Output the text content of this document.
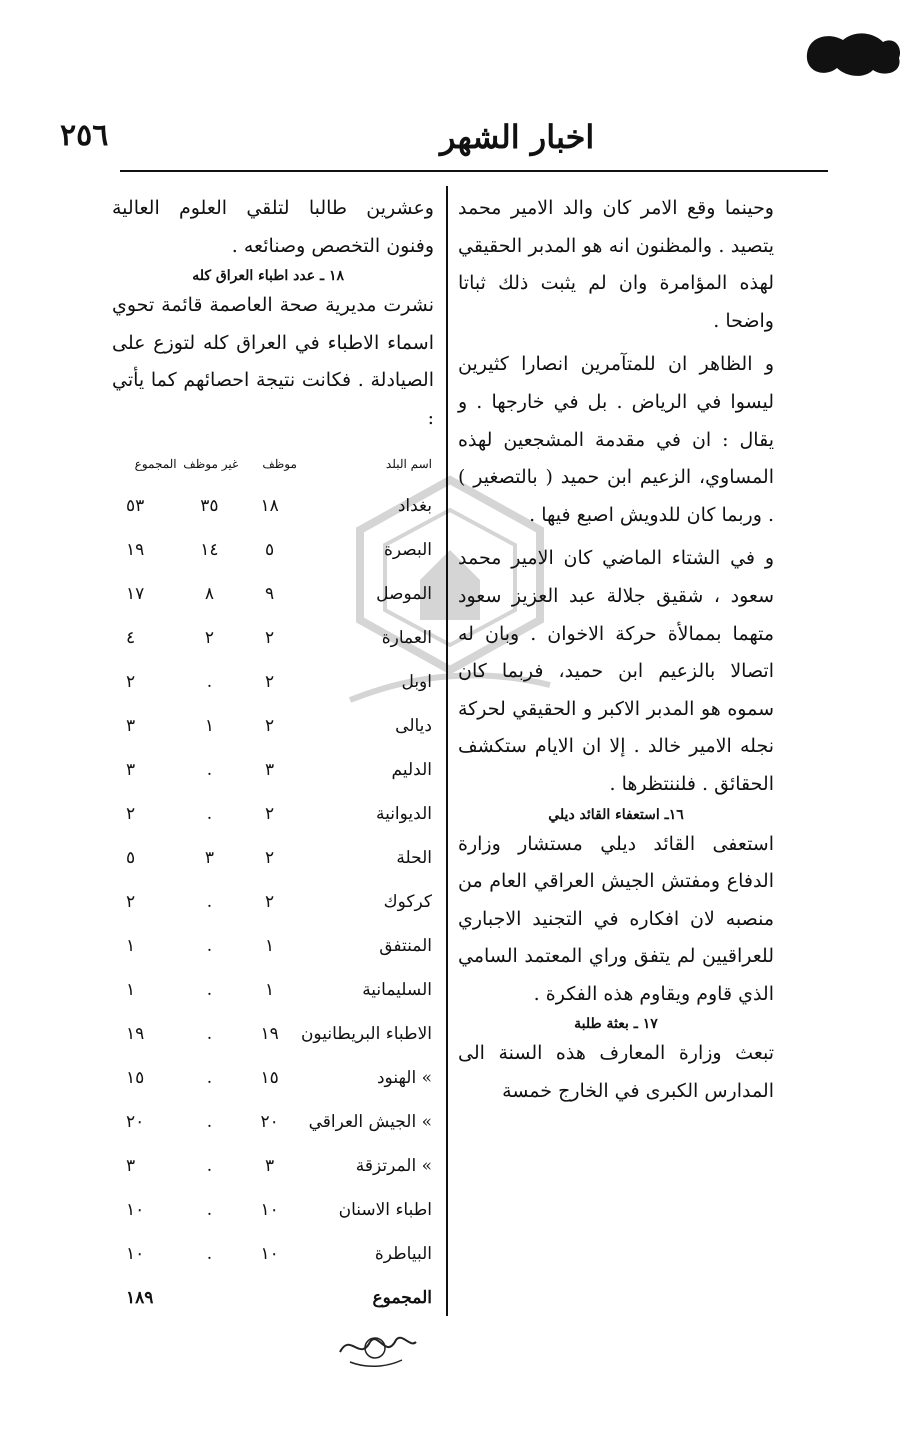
٢٥٦	اخبار الشهر

وحينما وقع الامر كان والد الامير محمد يتصيد . والمظنون انه هو المدبر الحقيقي لهذه المؤامرة وان لم يثبت ذلك ثباتا واضحا .

و الظاهر ان للمتآمرين انصارا كثيرين ليسوا في الرياض . بل في خارجها . و يقال : ان في مقدمة المشجعين لهذه المساوي، الزعيم ابن حميد ( بالتصغير ) . وربما كان للدويش اصبع فيها .

و في الشتاء الماضي كان الامير محمد سعود ، شقيق جلالة عبد العزيز سعود متهما بممالأة حركة الاخوان . وبان له اتصالا بالزعيم ابن حميد، فربما كان سموه هو المدبر الاكبر و الحقيقي لحركة نجله الامير خالد . إلا ان الايام ستكشف الحقائق . فلننتظرها .

١٦ـ استعفاء القائد ديلي

استعفى القائد ديلي مستشار وزارة الدفاع ومفتش الجيش العراقي العام من منصبه لان افكاره في التجنيد الاجباري للعراقيين لم يتفق وراي المعتمد السامي الذي قاوم ويقاوم هذه الفكرة .

١٧ ـ بعثة طلبة

تبعث وزارة المعارف هذه السنة الى المدارس الكبرى في الخارج خمسة

وعشرين طالبا لتلقي العلوم العالية وفنون التخصص وصنائعه .

١٨ ـ عدد اطباء العراق كله

نشرت مديرية صحة العاصمة قائمة تحوي اسماء الاطباء في العراق كله لتوزع على الصيادلة . فكانت نتيجة احصائهم كما يأتي :

اسم البلد	موظف	غير موظف	المجموع
بغداد	١٨	٣٥	٥٣
البصرة	٥	١٤	١٩
الموصل	٩	٨	١٧
العمارة	٢	٢	٤
اوبل	٢	.	٢
ديالى	٢	١	٣
الدليم	٣	.	٣
الديوانية	٢	.	٢
الحلة	٢	٣	٥
كركوك	٢	.	٢
المنتفق	١	.	١
السليمانية	١	.	١
الاطباء البريطانيون	١٩	.	١٩
» الهنود	١٥	.	١٥
» الجيش العراقي	٢٠	.	٢٠
» المرتزقة	٣	.	٣
اطباء الاسنان	١٠	.	١٠
البياطرة	١٠	.	١٠
المجموع			١٨٩
